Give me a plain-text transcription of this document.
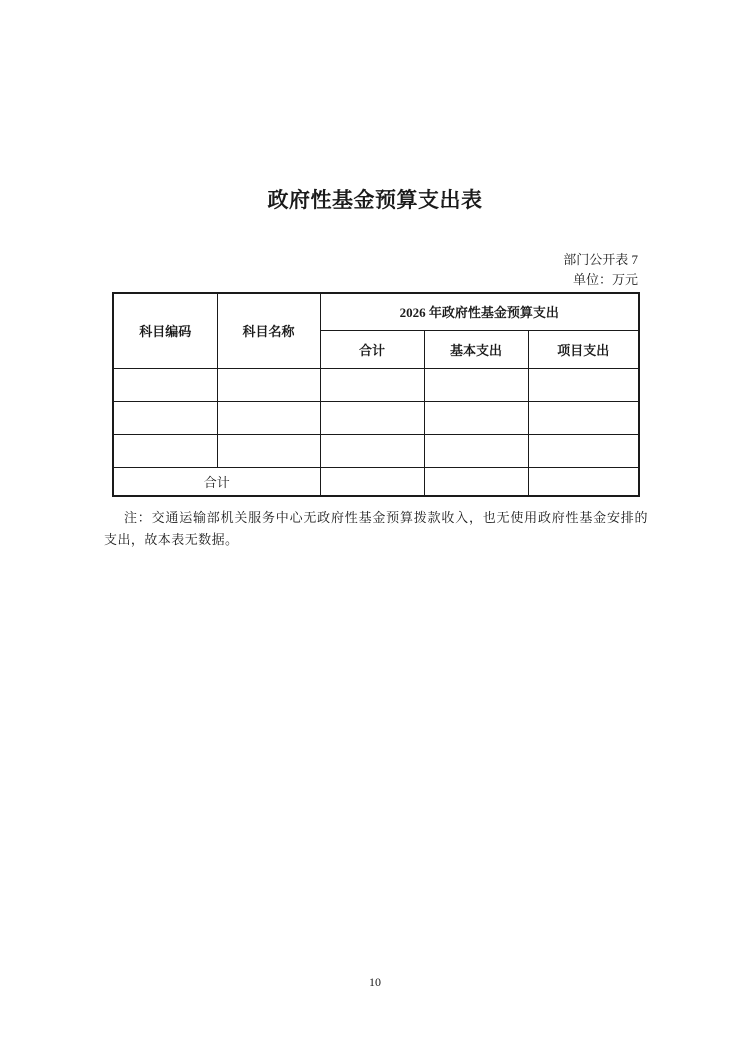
政府性基金预算支出表
部门公开表 7
单位：万元
科目编码	科目名称	2026 年政府性基金预算支出		
		合计	基本支出	项目支出

合计				

注：交通运输部机关服务中心无政府性基金预算拨款收入，也无使用政府性基金安排的支出，故本表无数据。

10
